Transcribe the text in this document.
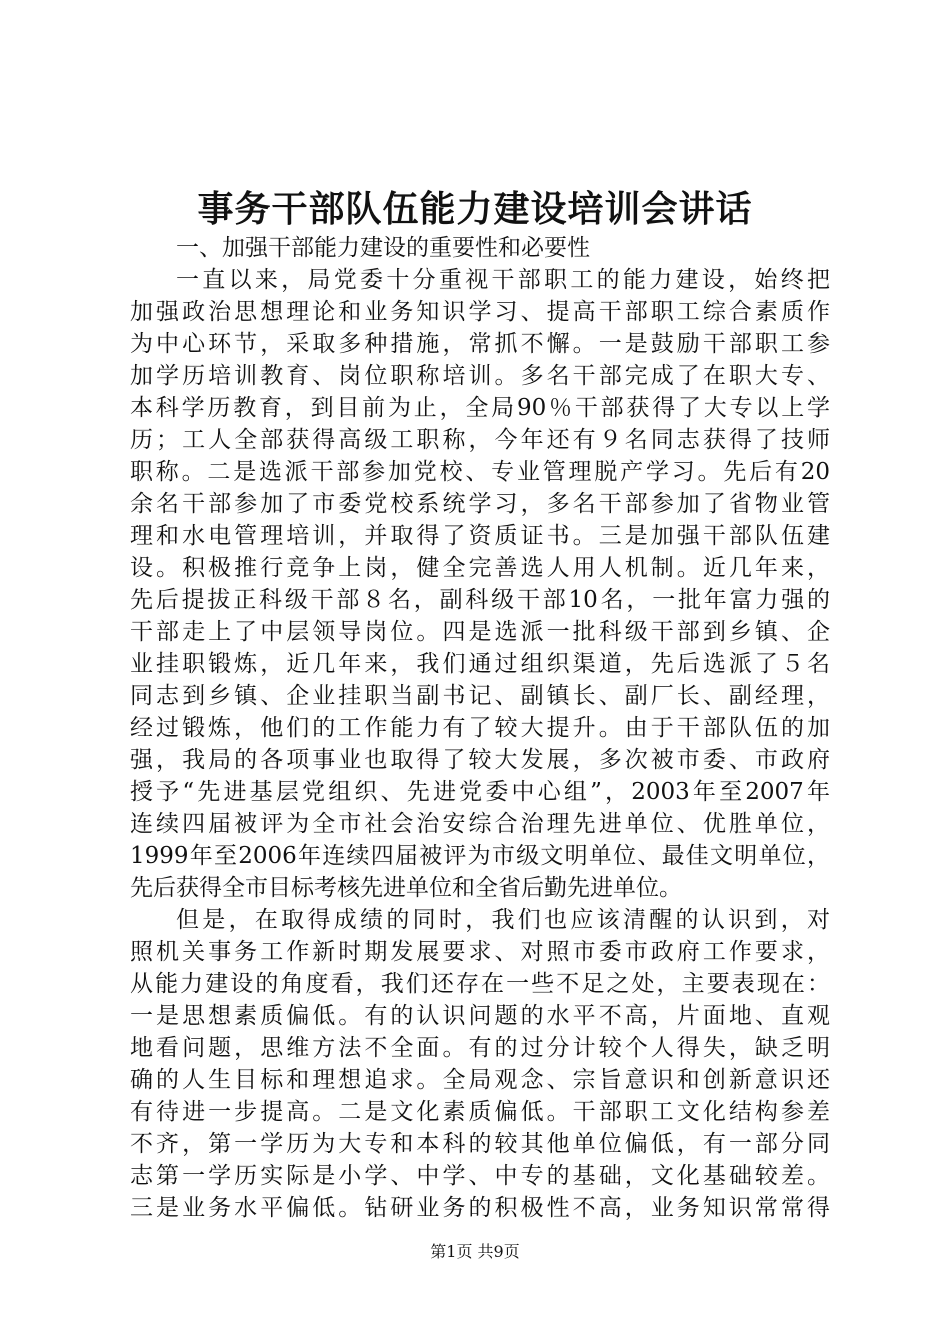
事务干部队伍能力建设培训会讲话
一、加强干部能力建设的重要性和必要性
一直以来，局党委十分重视干部职工的能力建设，始终把
加强政治思想理论和业务知识学习、提高干部职工综合素质作
为中心环节，采取多种措施，常抓不懈。一是鼓励干部职工参
加学历培训教育、岗位职称培训。多名干部完成了在职大专、
本科学历教育，到目前为止，全局90％干部获得了大专以上学
历；工人全部获得高级工职称，今年还有９名同志获得了技师
职称。二是选派干部参加党校、专业管理脱产学习。先后有20
余名干部参加了市委党校系统学习，多名干部参加了省物业管
理和水电管理培训，并取得了资质证书。三是加强干部队伍建
设。积极推行竞争上岗，健全完善选人用人机制。近几年来，
先后提拔正科级干部８名，副科级干部10名，一批年富力强的
干部走上了中层领导岗位。四是选派一批科级干部到乡镇、企
业挂职锻炼，近几年来，我们通过组织渠道，先后选派了５名
同志到乡镇、企业挂职当副书记、副镇长、副厂长、副经理，
经过锻炼，他们的工作能力有了较大提升。由于干部队伍的加
强，我局的各项事业也取得了较大发展，多次被市委、市政府
授予“先进基层党组织、先进党委中心组”，2003年至2007年
连续四届被评为全市社会治安综合治理先进单位、优胜单位，
1999年至2006年连续四届被评为市级文明单位、最佳文明单位，
先后获得全市目标考核先进单位和全省后勤先进单位。
但是，在取得成绩的同时，我们也应该清醒的认识到，对
照机关事务工作新时期发展要求、对照市委市政府工作要求，
从能力建设的角度看，我们还存在一些不足之处，主要表现在：
一是思想素质偏低。有的认识问题的水平不高，片面地、直观
地看问题，思维方法不全面。有的过分计较个人得失，缺乏明
确的人生目标和理想追求。全局观念、宗旨意识和创新意识还
有待进一步提高。二是文化素质偏低。干部职工文化结构参差
不齐，第一学历为大专和本科的较其他单位偏低，有一部分同
志第一学历实际是小学、中学、中专的基础，文化基础较差。
三是业务水平偏低。钻研业务的积极性不高，业务知识常常得
第1页 共9页
